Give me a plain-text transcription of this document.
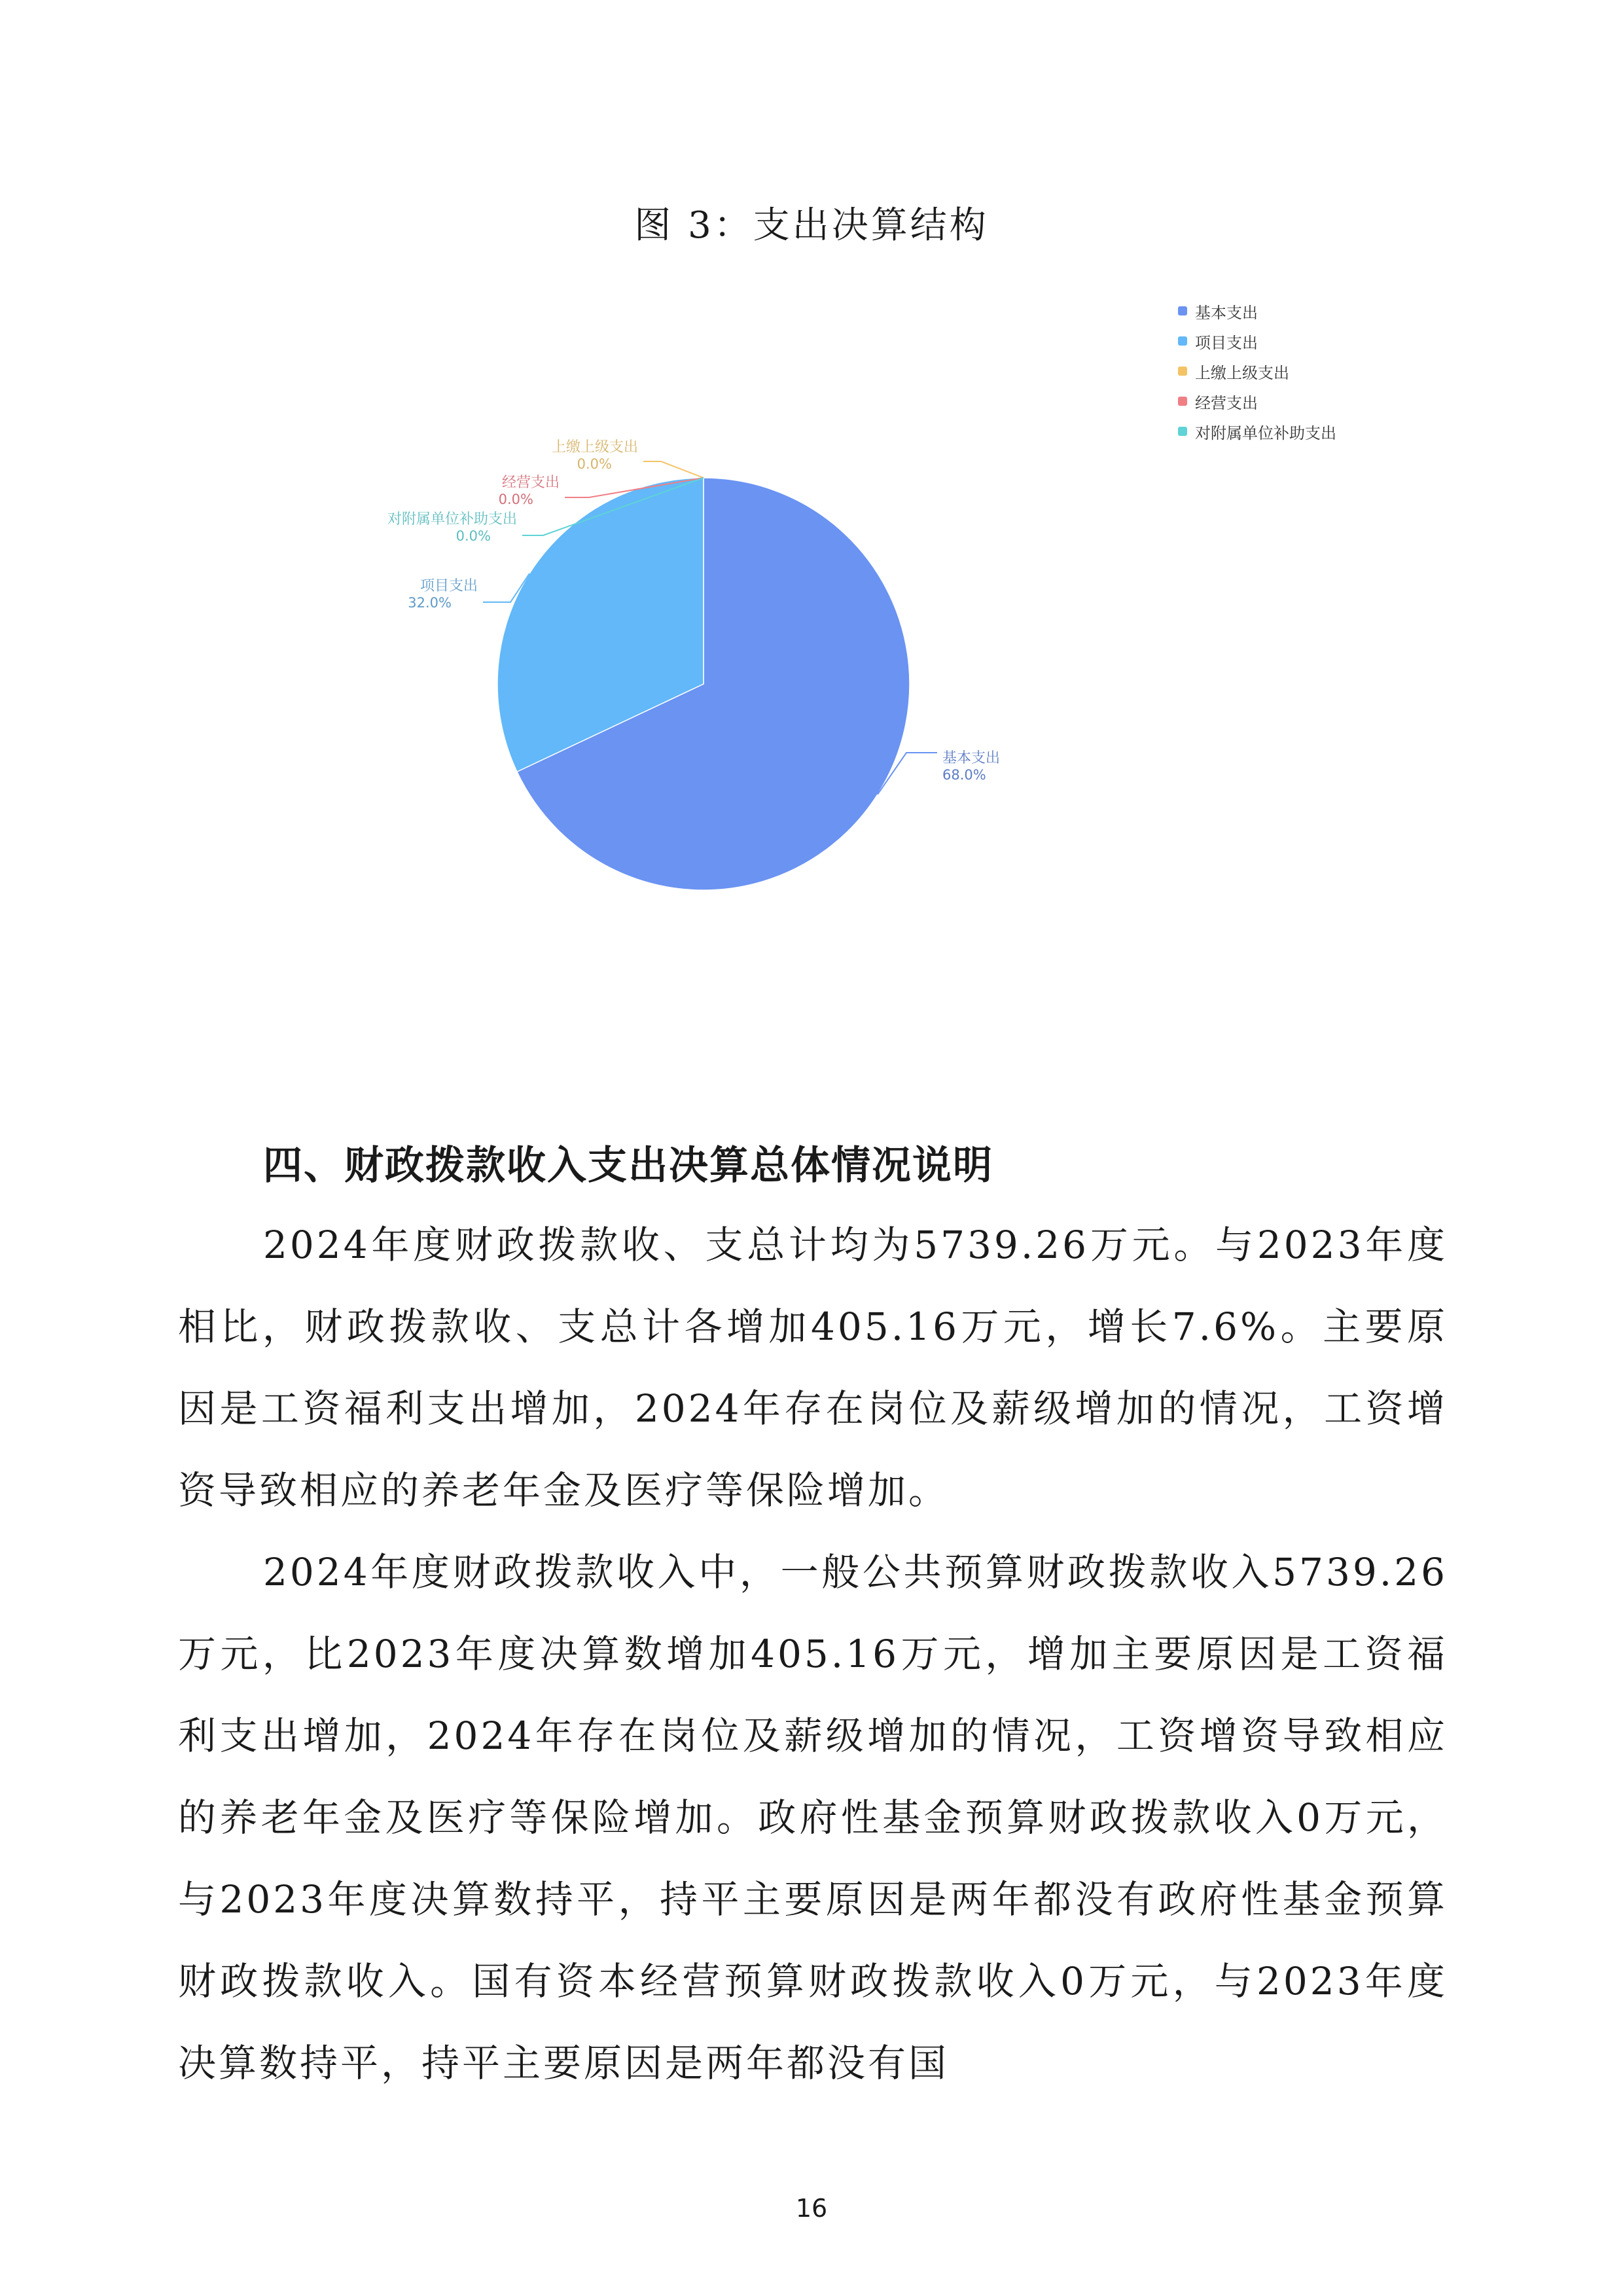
图 3：支出决算结构
基本支出
68.0%
项目支出
32.0%
上缴上级支出
0.0%
经营支出
0.0%
对附属单位补助支出
0.0%
基本支出
项目支出
上缴上级支出
经营支出
对附属单位补助支出
四、财政拨款收入支出决算总体情况说明
2024年度财政拨款收、支总计均为5739.26万元。与2023年度相比，财政拨款收、支总计各增加405.16万元，增长7.6%。主要原因是工资福利支出增加，2024年存在岗位及薪级增加的情况，工资增资导致相应的养老年金及医疗等保险增加。
2024年度财政拨款收入中，一般公共预算财政拨款收入5739.26万元，比2023年度决算数增加405.16万元，增加主要原因是工资福利支出增加，2024年存在岗位及薪级增加的情况，工资增资导致相应的养老年金及医疗等保险增加。政府性基金预算财政拨款收入0万元，与2023年度决算数持平，持平主要原因是两年都没有政府性基金预算财政拨款收入。国有资本经营预算财政拨款收入0万元，与2023年度决算数持平，持平主要原因是两年都没有国
16
